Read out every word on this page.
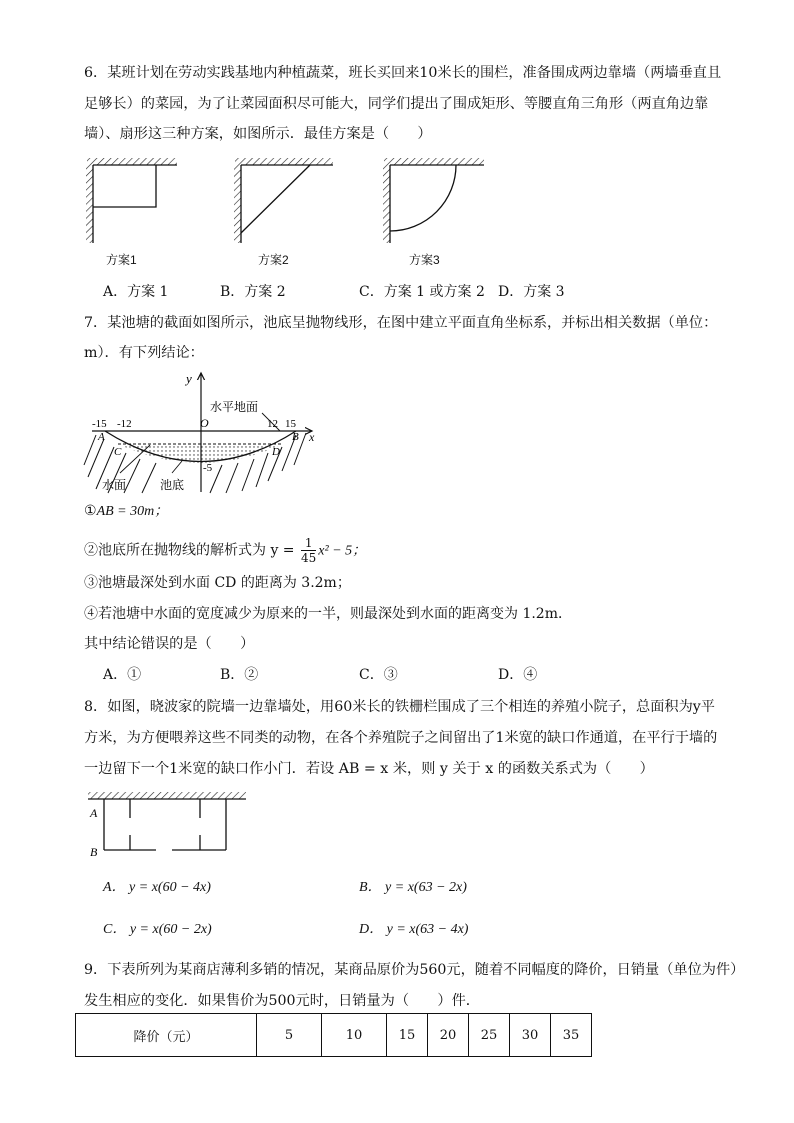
6．某班计划在劳动实践基地内种植蔬菜，班长买回来10米长的围栏，准备围成两边靠墙（两墙垂直且
足够长）的菜园，为了让菜园面积尽可能大，同学们提出了围成矩形、等腰直角三角形（两直角边靠
墙）、扇形这三种方案，如图所示．最佳方案是（　　）
方案1	方案2	方案3
A．方案 1	B．方案 2	C．方案 1 或方案 2 D．方案 3
7．某池塘的截面如图所示，池底呈抛物线形，在图中建立平面直角坐标系，并标出相关数据（单位：
m）．有下列结论：
y
x
O
水平地面
-15 -12	12 15
A	B
C	D
-5
水面	池底
①AB = 30m；
②池底所在抛物线的解析式为 $y = \frac{1}{45} x^2 - 5$；
③池塘最深处到水面 CD 的距离为 3.2m；
④若池塘中水面的宽度减少为原来的一半，则最深处到水面的距离变为 1.2m．
其中结论错误的是（　　）
A．①	B．②	C．③	D．④
8．如图，晓波家的院墙一边靠墙处，用60米长的铁栅栏围成了三个相连的养殖小院子，总面积为y平
方米，为方便喂养这些不同类的动物，在各个养殖院子之间留出了1米宽的缺口作通道，在平行于墙的
一边留下一个1米宽的缺口作小门．若设 AB = x 米，则 y 关于 x 的函数关系式为（　　）
A
B
A． y = x(60 − 4x)	B． y = x(63 − 2x)
C． y = x(60 − 2x)	D． y = x(63 − 4x)
9．下表所列为某商店薄利多销的情况，某商品原价为560元，随着不同幅度的降价，日销量（单位为件）
发生相应的变化．如果售价为500元时，日销量为（　　）件．
降价（元）	5	10	15	20	25	30	35
